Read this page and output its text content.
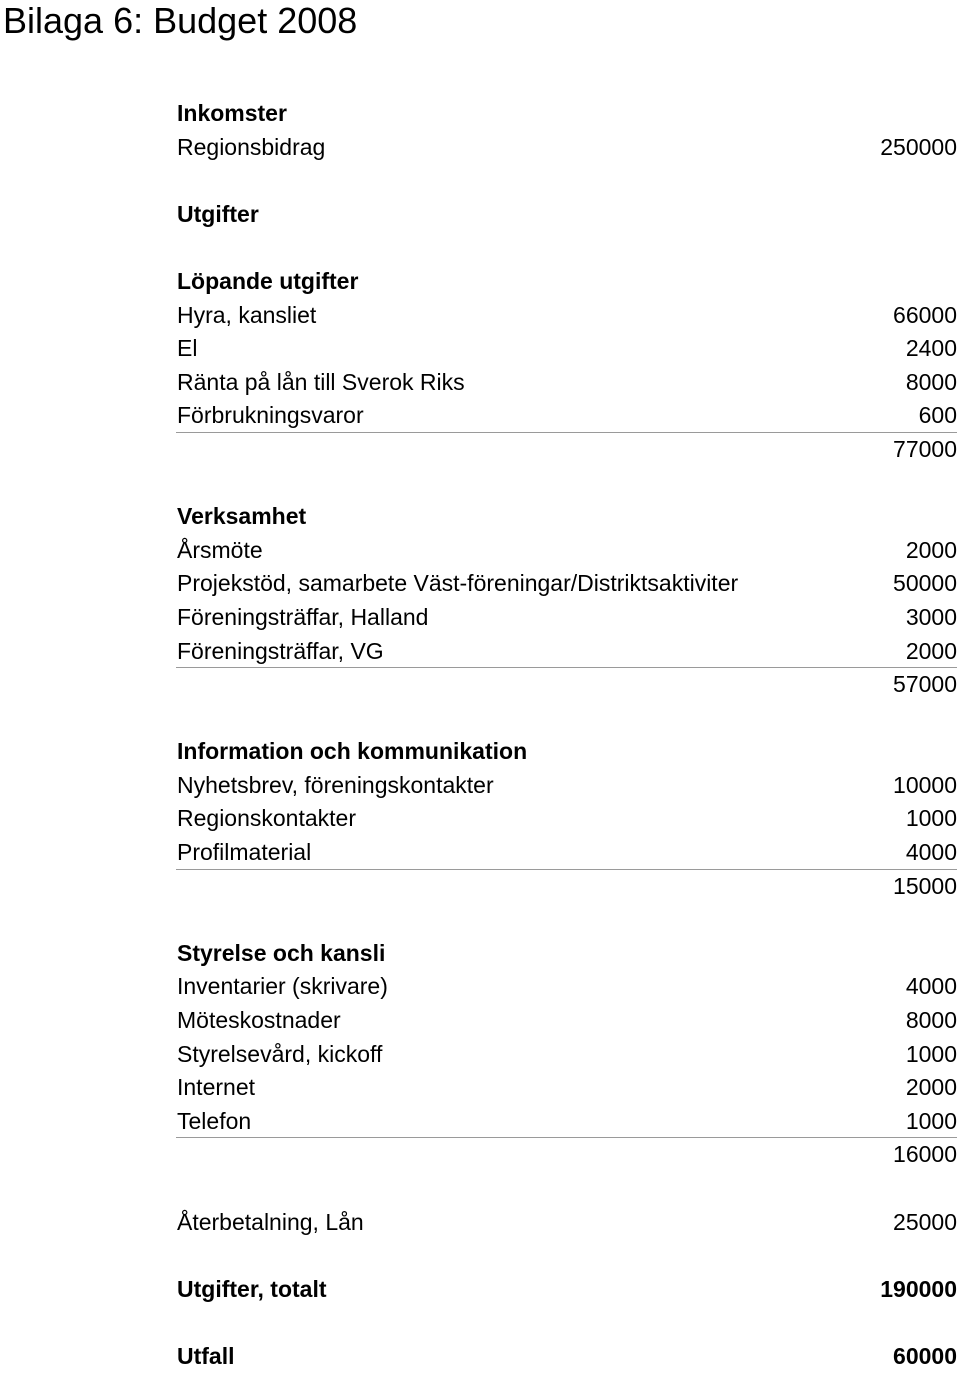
Bilaga 6: Budget 2008
Inkomster
Regionsbidrag	250000
Utgifter
Löpande utgifter
Hyra, kansliet	66000
El	2400
Ränta på lån till Sverok Riks	8000
Förbrukningsvaror	600
77000
Verksamhet
Årsmöte	2000
Projekstöd, samarbete Väst-föreningar/Distriktsaktiviter	50000
Föreningsträffar, Halland	3000
Föreningsträffar, VG	2000
57000
Information och kommunikation
Nyhetsbrev, föreningskontakter	10000
Regionskontakter	1000
Profilmaterial	4000
15000
Styrelse och kansli
Inventarier (skrivare)	4000
Möteskostnader	8000
Styrelsevård, kickoff	1000
Internet	2000
Telefon	1000
16000
Återbetalning, Lån	25000
Utgifter, totalt	190000
Utfall	60000
